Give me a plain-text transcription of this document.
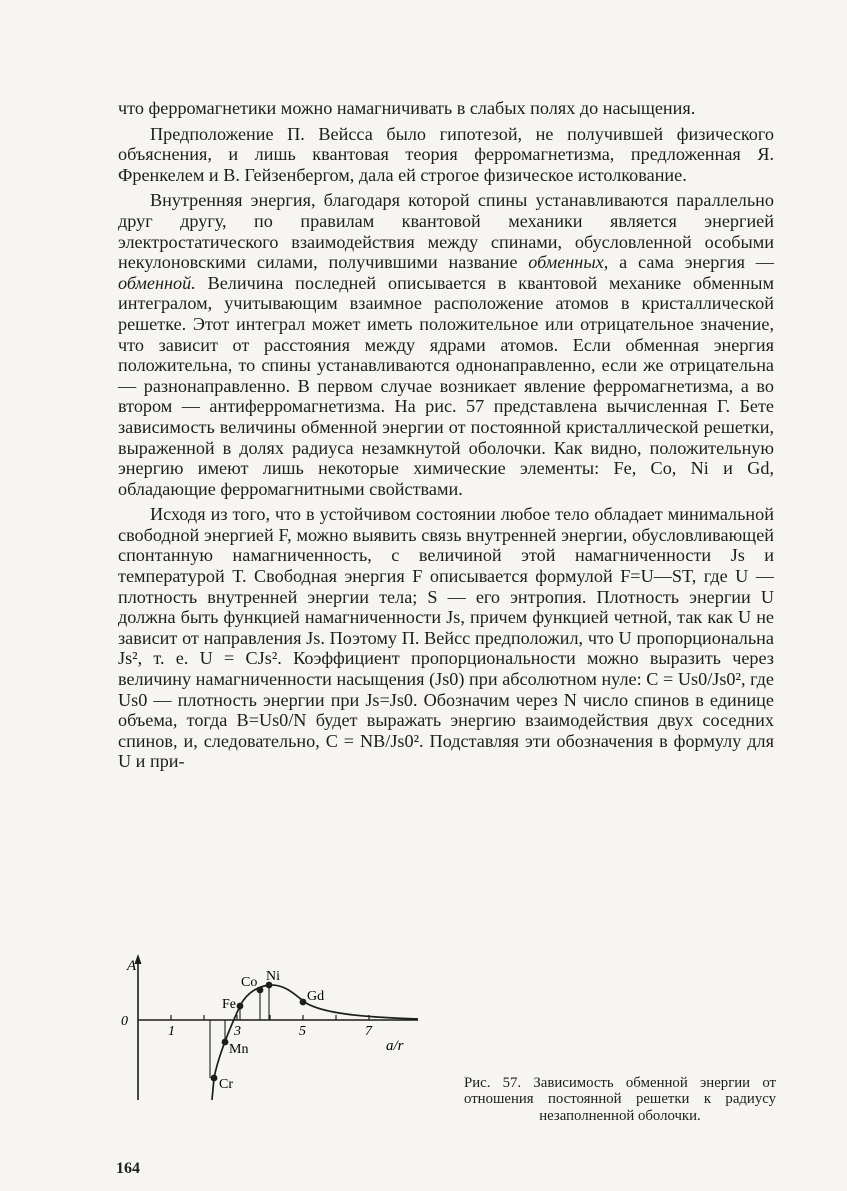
что ферромагнетики можно намагничивать в слабых полях до насыщения.

Предположение П. Вейсса было гипотезой, не получившей физического объяснения, и лишь квантовая теория ферромагнетизма, предложенная Я. Френкелем и В. Гейзенбергом, дала ей строгое физическое истолкование.

Внутренняя энергия, благодаря которой спины устанавливаются параллельно друг другу, по правилам квантовой механики является энергией электростатического взаимодействия между спинами, обусловленной особыми некулоновскими силами, получившими название обменных, а сама энергия — обменной. Величина последней описывается в квантовой механике обменным интегралом, учитывающим взаимное расположение атомов в кристаллической решетке. Этот интеграл может иметь положительное или отрицательное значение, что зависит от расстояния между ядрами атомов. Если обменная энергия положительна, то спины устанавливаются однонаправленно, если же отрицательна — разнонаправленно. В первом случае возникает явление ферромагнетизма, а во втором — антиферромагнетизма. На рис. 57 представлена вычисленная Г. Бете зависимость величины обменной энергии от постоянной кристаллической решетки, выраженной в долях радиуса незамкнутой оболочки. Как видно, положительную энергию имеют лишь некоторые химические элементы: Fe, Co, Ni и Gd, обладающие ферромагнитными свойствами.

Исходя из того, что в устойчивом состоянии любое тело обладает минимальной свободной энергией F, можно выявить связь внутренней энергии, обусловливающей спонтанную намагниченность, с величиной этой намагниченности Js и температурой T. Свободная энергия F описывается формулой F=U—ST, где U — плотность внутренней энергии тела; S — его энтропия. Плотность энергии U должна быть функцией намагниченности Js, причем функцией четной, так как U не зависит от направления Js. Поэтому П. Вейсс предположил, что U пропорциональна Js², т. е. U = CJs². Коэффициент пропорциональности можно выразить через величину намагниченности насыщения (Js0) при абсолютном нуле: C = Us0/Js0², где Us0 — плотность энергии при Js=Js0. Обозначим через N число спинов в единице объема, тогда B=Us0/N будет выражать энергию взаимодействия двух соседних спинов, и, следовательно, C = NB/Js0². Подставляя эти обозначения в формулу для U и при-

A
0
1	3	5	7
a/r
Fe
Co Ni
Gd
Mn
Cr	Рис. 57. Зависимость обменной энергии от отношения постоянной решетки к радиусу незаполненной оболочки.
164
